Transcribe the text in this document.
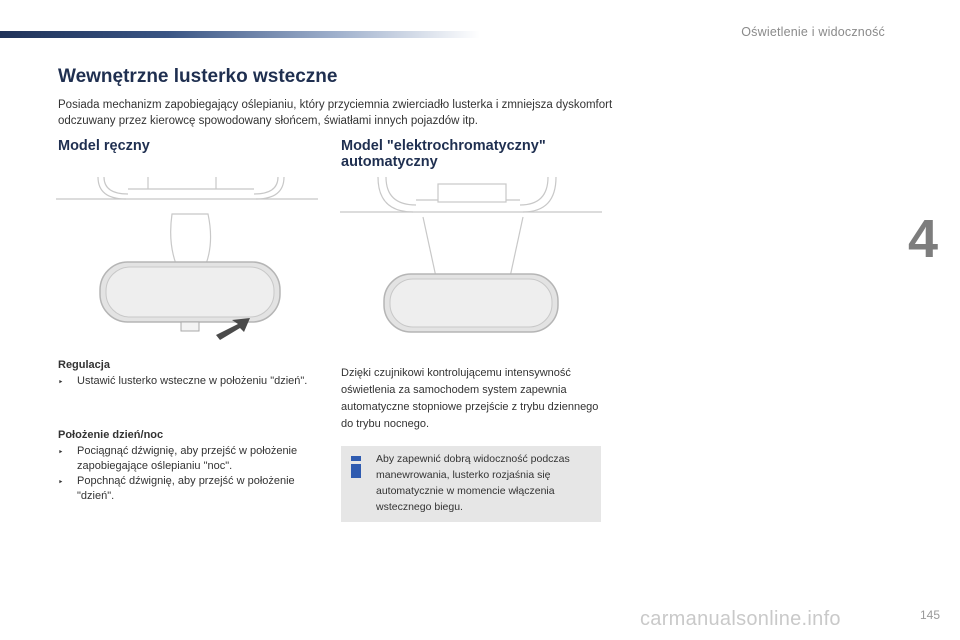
Oświetlenie i widoczność
4
Wewnętrzne lusterko wsteczne

Posiada mechanizm zapobiegający oślepianiu, który przyciemnia zwierciadło lusterka i zmniejsza dyskomfort odczuwany przez kierowcę spowodowany słońcem, światłami innych pojazdów itp.

Model ręczny	Model "elektrochromatyczny" automatyczny
Regulacja
‣	Ustawić lusterko wsteczne w położeniu "dzień".
Położenie dzień/noc
‣	Pociągnąć dźwignię, aby przejść w położenie zapobiegające oślepianiu "noc".
‣	Popchnąć dźwignię, aby przejść w położenie "dzień".

Dzięki czujnikowi kontrolującemu intensywność oświetlenia za samochodem system zapewnia automatyczne stopniowe przejście z trybu dziennego do trybu nocnego.

Aby zapewnić dobrą widoczność podczas manewrowania, lusterko rozjaśnia się automatycznie w momencie włączenia wstecznego biegu.
carmanualsonline.info	145
